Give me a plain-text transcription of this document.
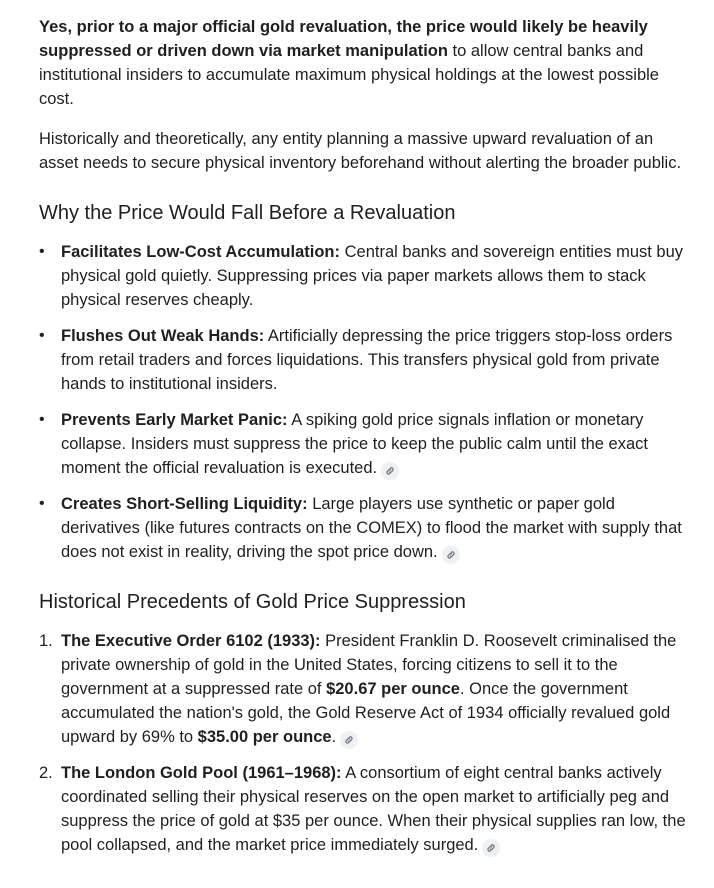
Yes, prior to a major official gold revaluation, the price would likely be heavily suppressed or driven down via market manipulation to allow central banks and institutional insiders to accumulate maximum physical holdings at the lowest possible cost.

Historically and theoretically, any entity planning a massive upward revaluation of an asset needs to secure physical inventory beforehand without alerting the broader public.

Why the Price Would Fall Before a Revaluation
• Facilitates Low-Cost Accumulation: Central banks and sovereign entities must buy physical gold quietly. Suppressing prices via paper markets allows them to stack physical reserves cheaply.
• Flushes Out Weak Hands: Artificially depressing the price triggers stop-loss orders from retail traders and forces liquidations. This transfers physical gold from private hands to institutional insiders.
• Prevents Early Market Panic: A spiking gold price signals inflation or monetary collapse. Insiders must suppress the price to keep the public calm until the exact moment the official revaluation is executed.
• Creates Short-Selling Liquidity: Large players use synthetic or paper gold derivatives (like futures contracts on the COMEX) to flood the market with supply that does not exist in reality, driving the spot price down.
Historical Precedents of Gold Price Suppression
1. The Executive Order 6102 (1933): President Franklin D. Roosevelt criminalised the private ownership of gold in the United States, forcing citizens to sell it to the government at a suppressed rate of $20.67 per ounce. Once the government accumulated the nation's gold, the Gold Reserve Act of 1934 officially revalued gold upward by 69% to $35.00 per ounce.
2. The London Gold Pool (1961–1968): A consortium of eight central banks actively coordinated selling their physical reserves on the open market to artificially peg and suppress the price of gold at $35 per ounce. When their physical supplies ran low, the pool collapsed, and the market price immediately surged.
